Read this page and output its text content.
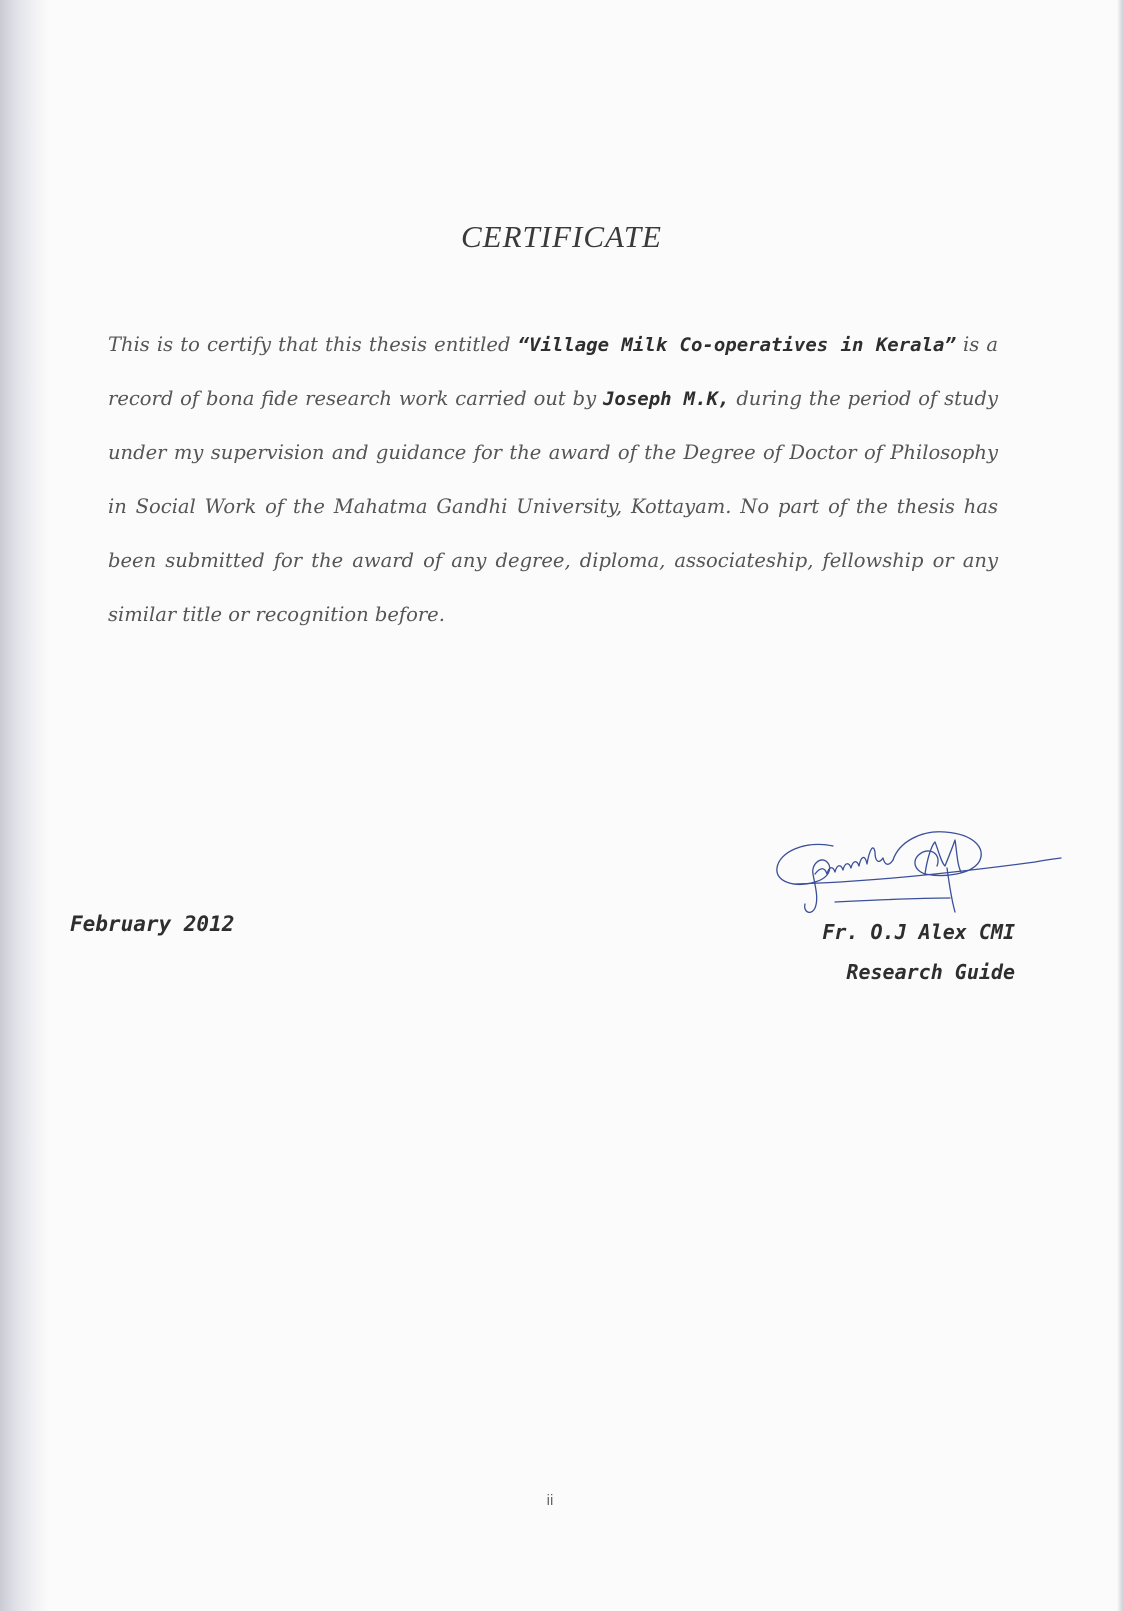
CERTIFICATE
This is to certify that this thesis entitled “Village Milk Co-operatives in Kerala” is a record of bona fide research work carried out by Joseph M.K, during the period of study under my supervision and guidance for the award of the Degree of Doctor of Philosophy in Social Work of the Mahatma Gandhi University, Kottayam. No part of the thesis has been submitted for the award of any degree, diploma, associateship, fellowship or any similar title or recognition before.
February 2012	Fr. O.J Alex CMI
Research Guide
ii
